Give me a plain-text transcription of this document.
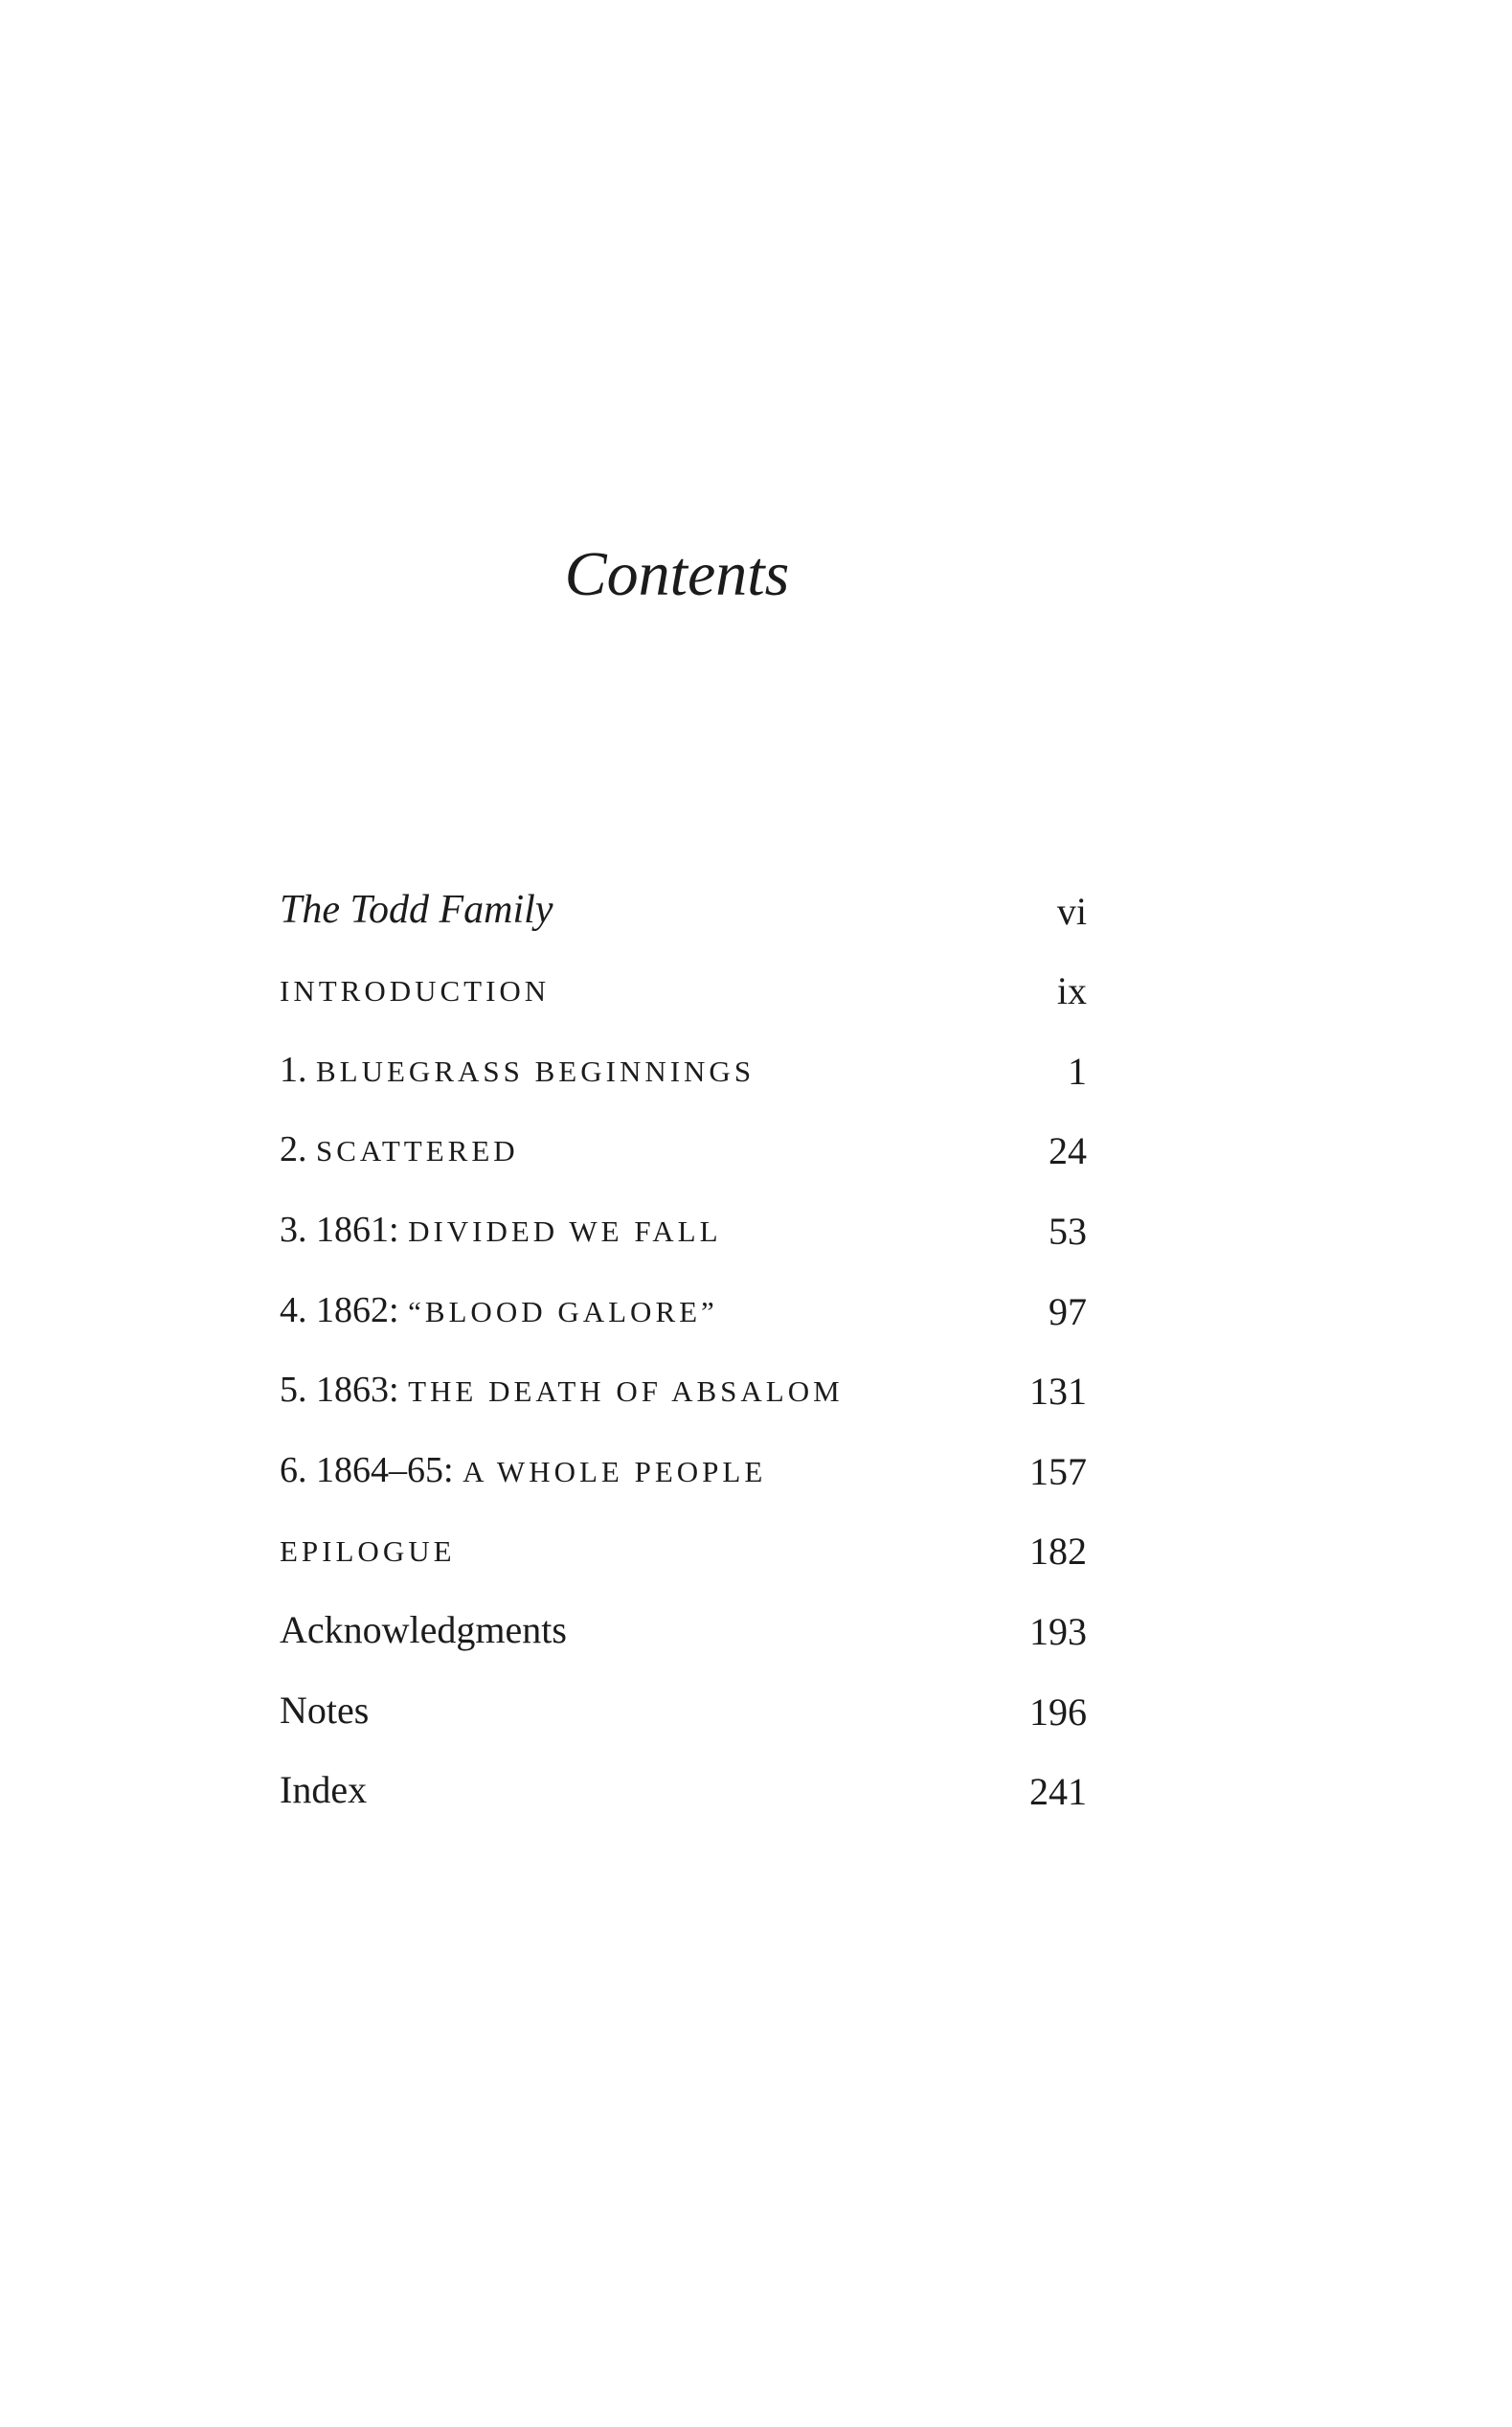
Contents
The Todd Family	vi
INTRODUCTION	ix
1. BLUEGRASS BEGINNINGS	1
2. SCATTERED	24
3. 1861: DIVIDED WE FALL	53
4. 1862: “BLOOD GALORE”	97
5. 1863: THE DEATH OF ABSALOM	131
6. 1864–65: A WHOLE PEOPLE	157
EPILOGUE	182
Acknowledgments	193
Notes	196
Index	241
